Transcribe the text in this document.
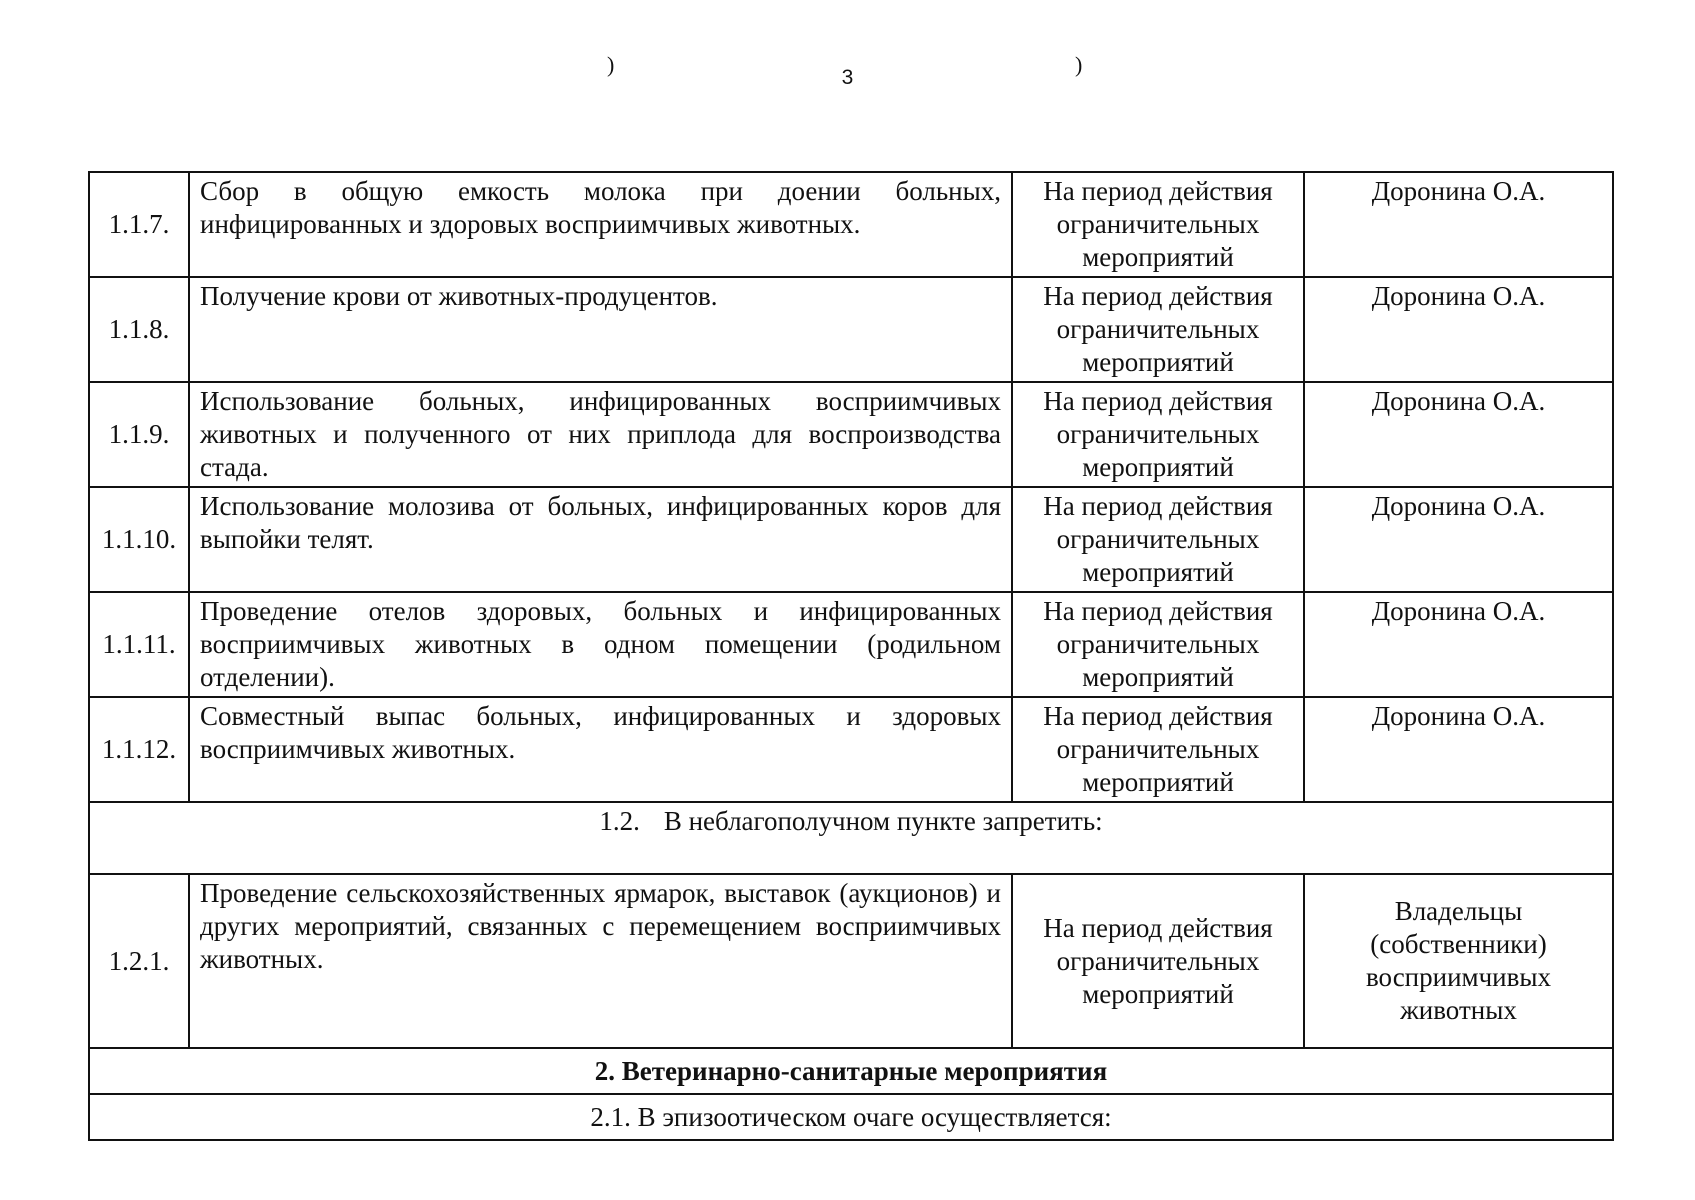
3
)	)
1.1.7.	Сбор в общую емкость молока при доении больных, инфицированных и здоровых восприимчивых животных.	На период действия ограничительных мероприятий	Доронина О.А.
1.1.8.	Получение крови от животных-продуцентов.	На период действия ограничительных мероприятий	Доронина О.А.
1.1.9.	Использование больных, инфицированных восприимчивых животных и полученного от них приплода для воспроизводства стада.	На период действия ограничительных мероприятий	Доронина О.А.
1.1.10.	Использование молозива от больных, инфицированных коров для выпойки телят.	На период действия ограничительных мероприятий	Доронина О.А.
1.1.11.	Проведение отелов здоровых, больных и инфицированных восприимчивых животных в одном помещении (родильном отделении).	На период действия ограничительных мероприятий	Доронина О.А.
1.1.12.	Совместный выпас больных, инфицированных и здоровых восприимчивых животных.	На период действия ограничительных мероприятий	Доронина О.А.
1.2. В неблагополучном пункте запретить:			
1.2.1.	Проведение сельскохозяйственных ярмарок, выставок (аукционов) и других мероприятий, связанных с перемещением восприимчивых животных.	На период действия ограничительных мероприятий	Владельцы (собственники) восприимчивых животных
2. Ветеринарно-санитарные мероприятия			
2.1. В эпизоотическом очаге осуществляется:			
